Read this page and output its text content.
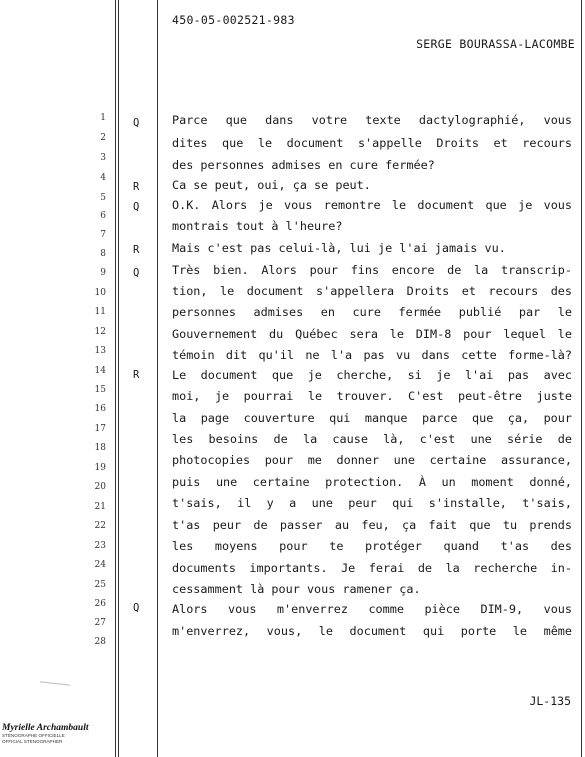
450-05-002521-983
SERGE BOURASSA-LACOMBE
1
2
3
4
5
6
7
8
9
10
11
12
13
14
15
16
17
18
19
20
21
22
23
24
25
26
27
28
Q
R
Q
R
Q
R
Q
Parce que dans votre texte dactylographié, vous
dites que le document s'appelle Droits et recours
des personnes admises en cure fermée?
Ca se peut, oui, ça se peut.
O.K. Alors je vous remontre le document que je vous
montrais tout à l'heure?
Mais c'est pas celui-là, lui je l'ai jamais vu.
Très bien. Alors pour fins encore de la transcrip-
tion, le document s'appellera Droits et recours des
personnes admises en cure fermée publié par le
Gouvernement du Québec sera le DIM-8 pour lequel le
témoin dit qu'il ne l'a pas vu dans cette forme-là?
Le document que je cherche, si je l'ai pas avec
moi, je pourrai le trouver. C'est peut-être juste
la page couverture qui manque parce que ça, pour
les besoins de la cause là, c'est une série de
photocopies pour me donner une certaine assurance,
puis une certaine protection. À un moment donné,
t'sais, il y a une peur qui s'installe, t'sais,
t'as peur de passer au feu, ça fait que tu prends
les moyens pour te protéger quand t'as des
documents importants. Je ferai de la recherche in-
cessamment là pour vous ramener ça.
Alors vous m'enverrez comme pièce DIM-9, vous
m'enverrez, vous, le document qui porte le même
JL-135
Myrielle Archambault
STÉNOGRAPHE OFFICIELLE
OFFICIAL STENOGRAPHER
